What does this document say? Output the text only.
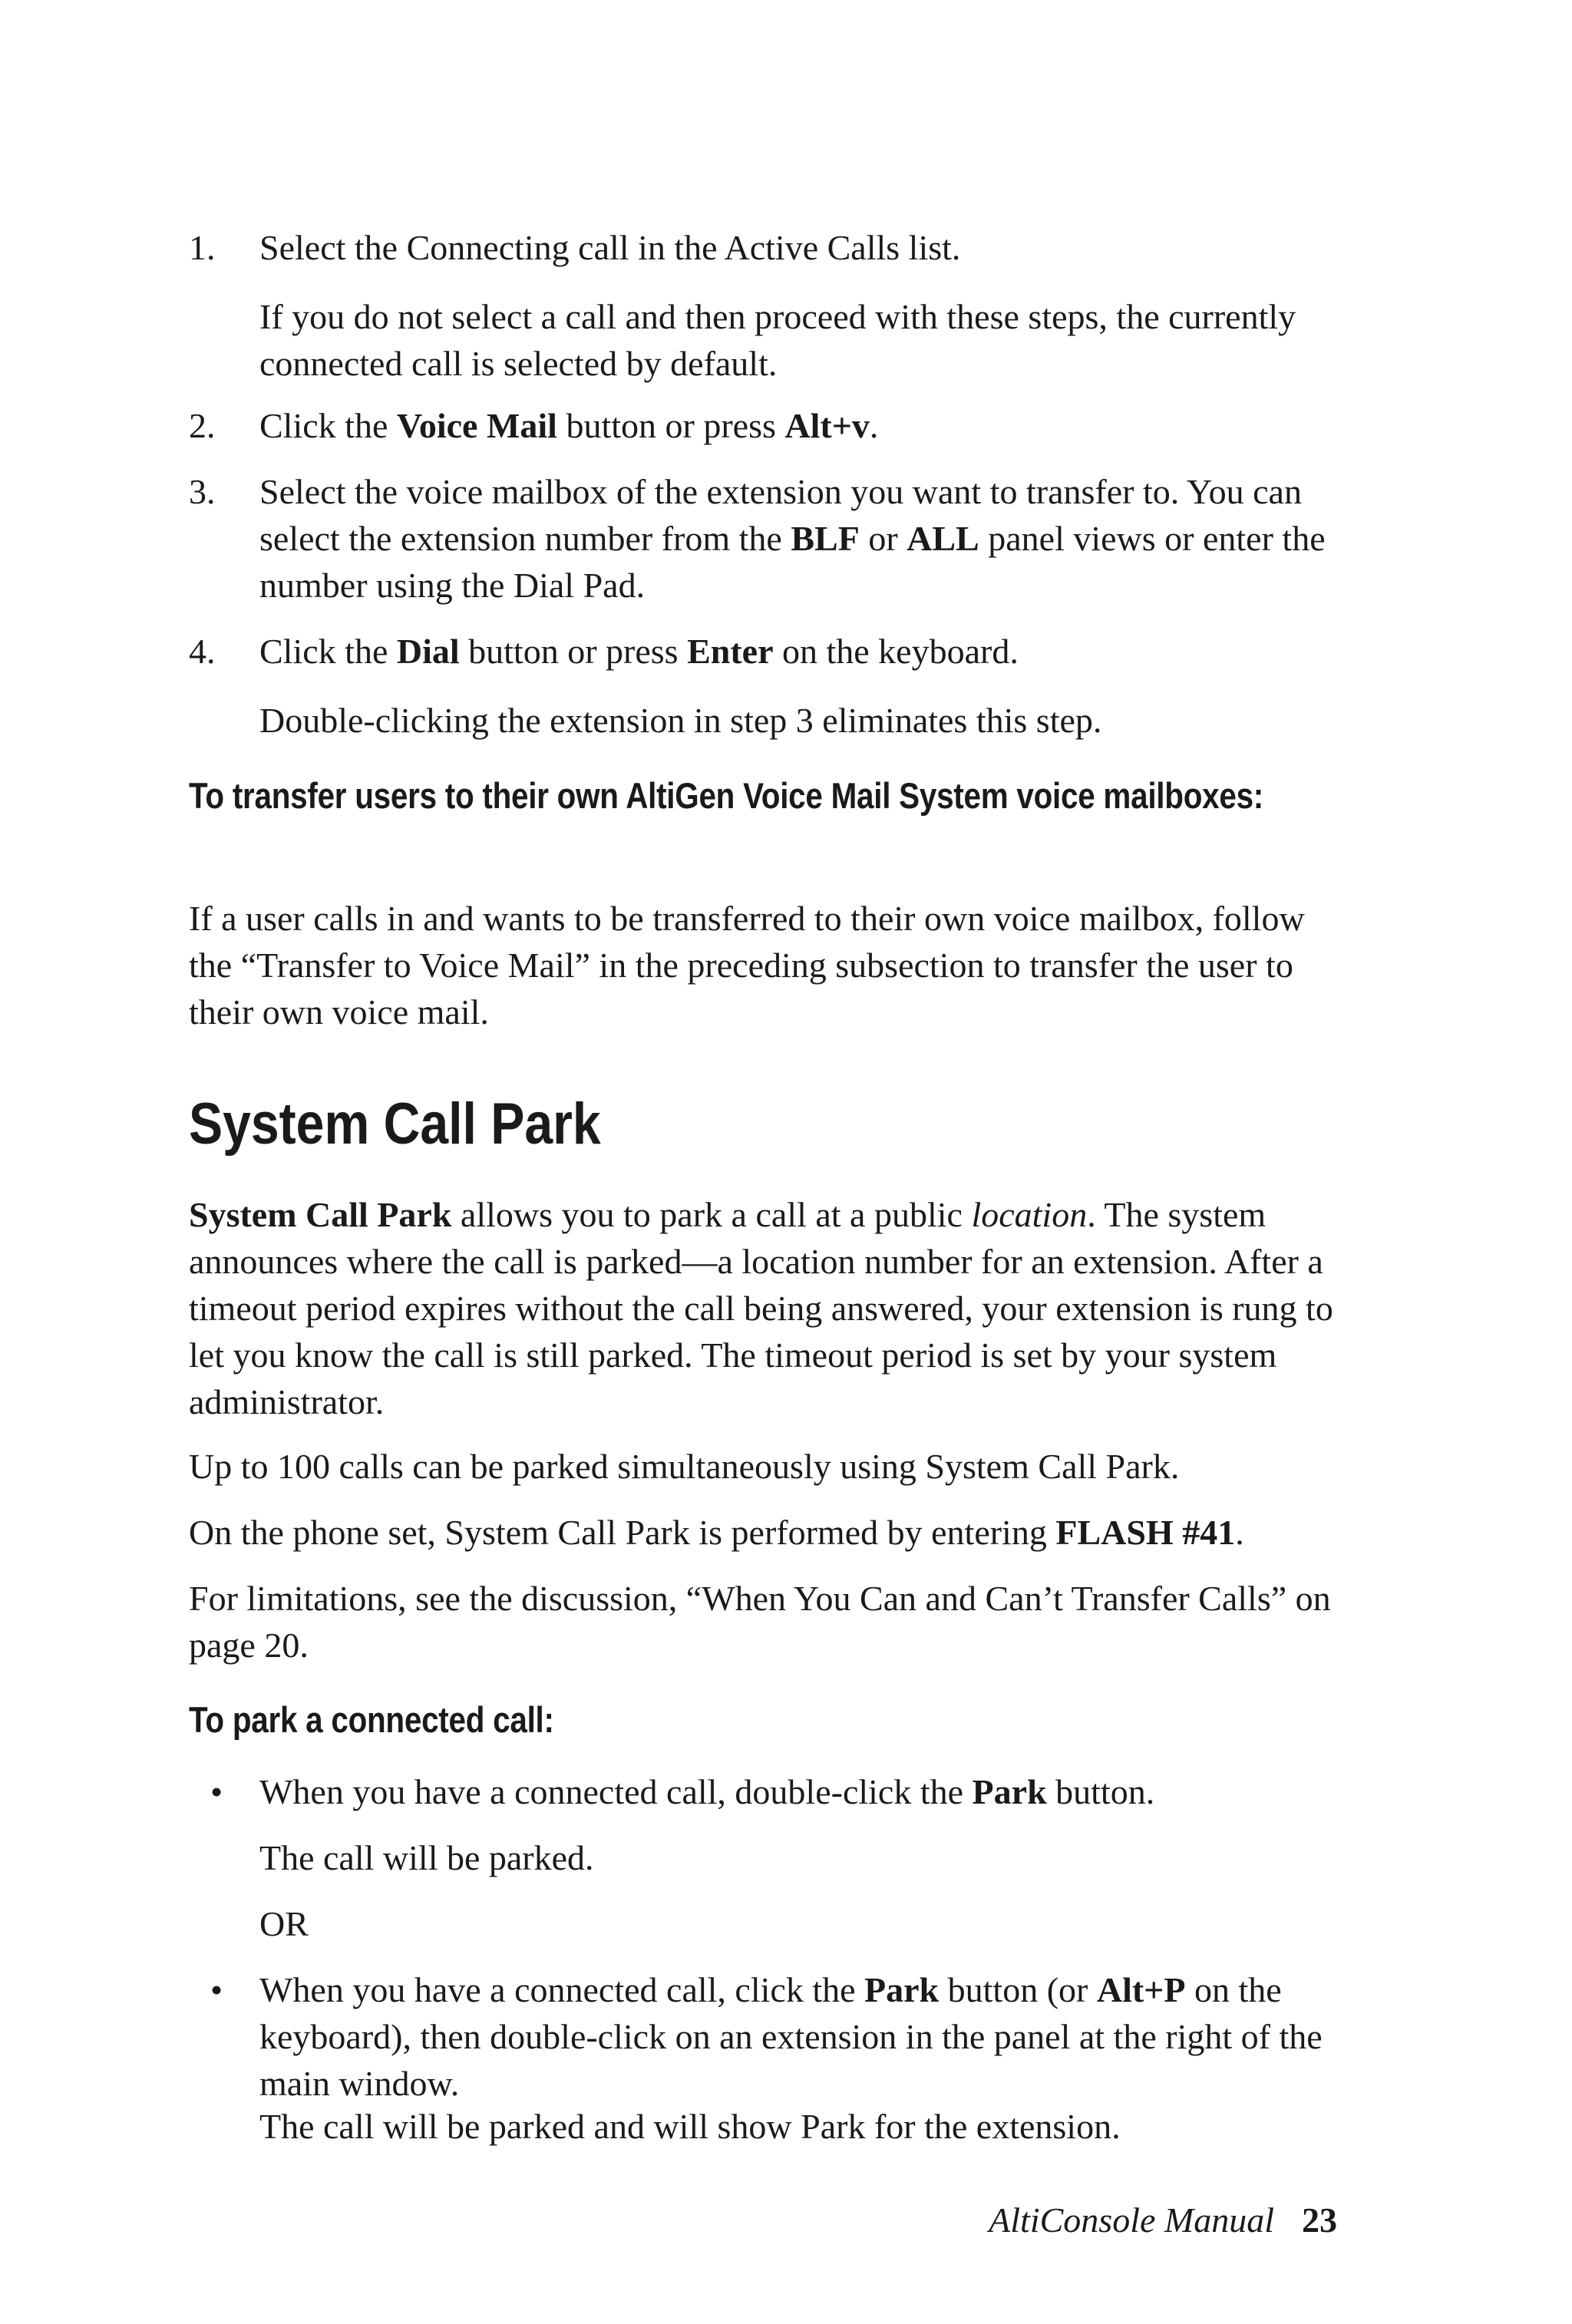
1. Select the Connecting call in the Active Calls list.

If you do not select a call and then proceed with these steps, the currently connected call is selected by default.

2. Click the Voice Mail button or press Alt+v.

3. Select the voice mailbox of the extension you want to transfer to. You can select the extension number from the BLF or ALL panel views or enter the number using the Dial Pad.

4. Click the Dial button or press Enter on the keyboard.

Double-clicking the extension in step 3 eliminates this step.

To transfer users to their own AltiGen Voice Mail System voice mailboxes:

If a user calls in and wants to be transferred to their own voice mailbox, follow the “Transfer to Voice Mail” in the preceding subsection to transfer the user to their own voice mail.

System Call Park

System Call Park allows you to park a call at a public location. The system announces where the call is parked—a location number for an extension. After a timeout period expires without the call being answered, your extension is rung to let you know the call is still parked. The timeout period is set by your system administrator.

Up to 100 calls can be parked simultaneously using System Call Park.

On the phone set, System Call Park is performed by entering FLASH #41.

For limitations, see the discussion, “When You Can and Can’t Transfer Calls” on page 20.

To park a connected call:

• When you have a connected call, double-click the Park button.

The call will be parked.

OR

• When you have a connected call, click the Park button (or Alt+P on the keyboard), then double-click on an extension in the panel at the right of the main window.

The call will be parked and will show Park for the extension.

AltiConsole Manual 23
